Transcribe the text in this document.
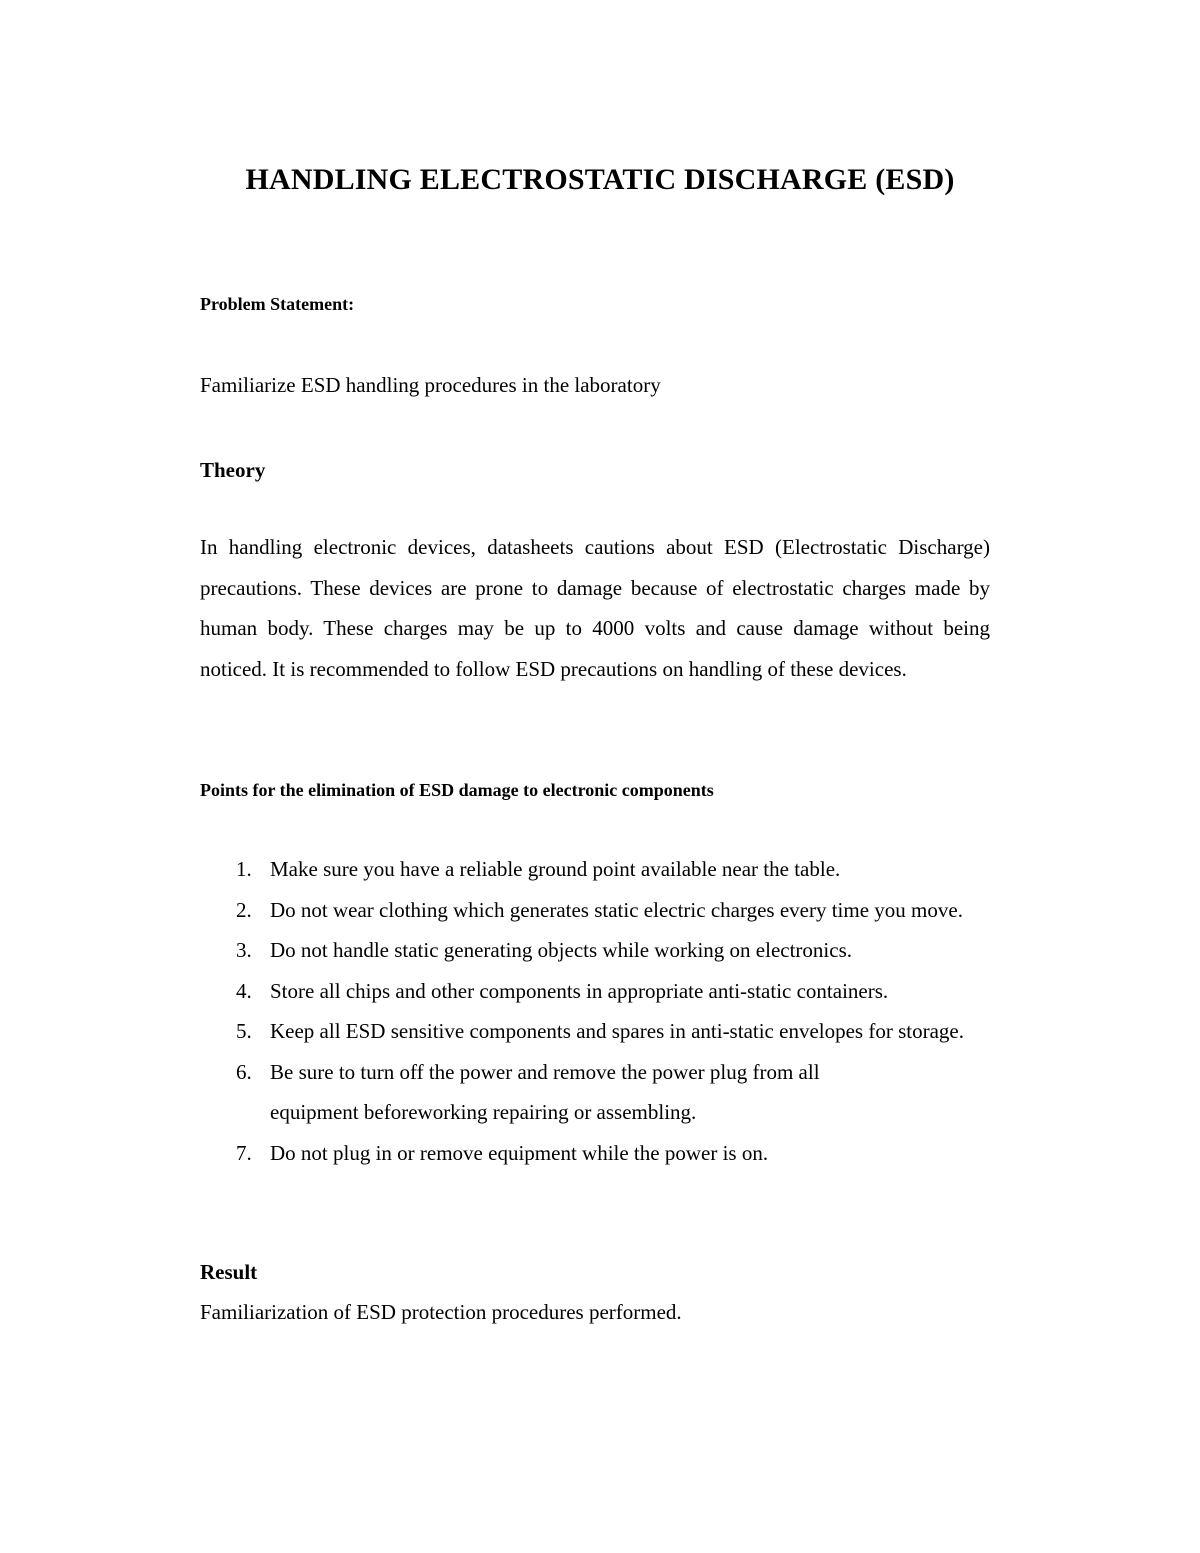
HANDLING ELECTROSTATIC DISCHARGE (ESD)

Problem Statement:

Familiarize ESD handling procedures in the laboratory

Theory

In handling electronic devices, datasheets cautions about ESD (Electrostatic Discharge) precautions. These devices are prone to damage because of electrostatic charges made by human body. These charges may be up to 4000 volts and cause damage without being noticed. It is recommended to follow ESD precautions on handling of these devices.

Points for the elimination of ESD damage to electronic components

1. Make sure you have a reliable ground point available near the table.
2. Do not wear clothing which generates static electric charges every time you move.
3. Do not handle static generating objects while working on electronics.
4. Store all chips and other components in appropriate anti-static containers.
5. Keep all ESD sensitive components and spares in anti-static envelopes for storage.
6. Be sure to turn off the power and remove the power plug from all
equipment beforeworking repairing or assembling.
7. Do not plug in or remove equipment while the power is on.

Result

Familiarization of ESD protection procedures performed.
